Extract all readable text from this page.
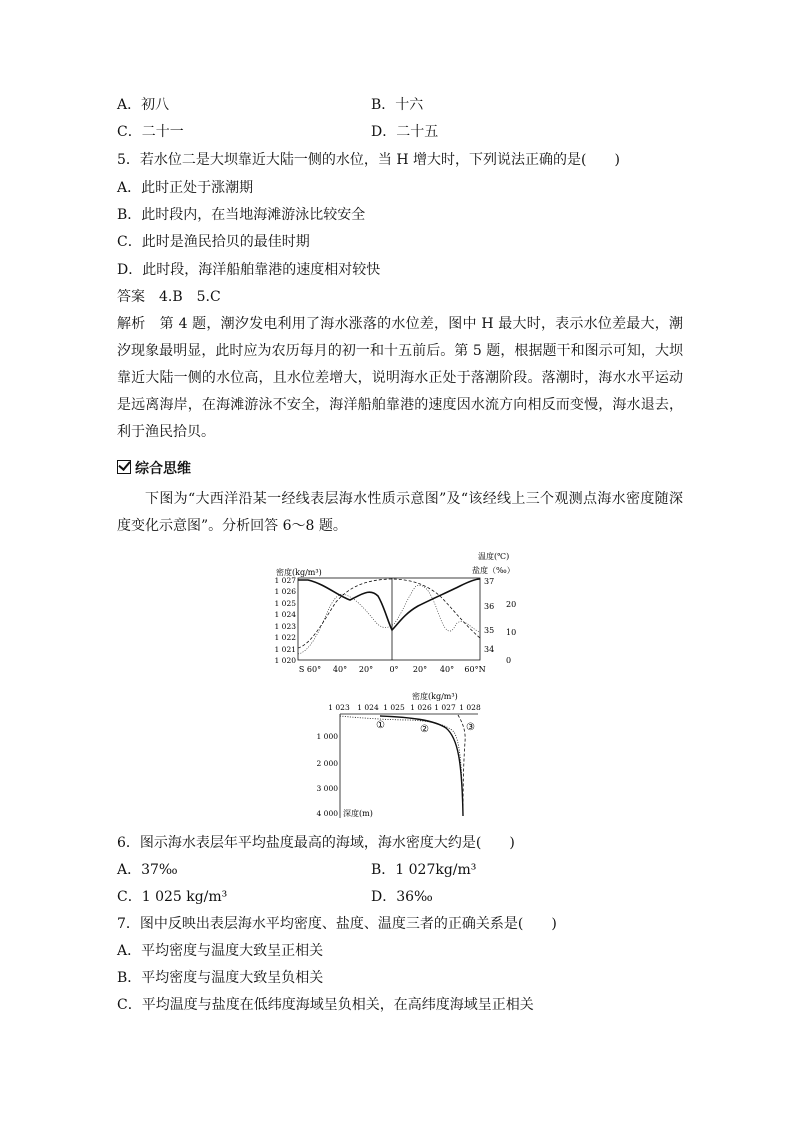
A．初八	B．十六
C．二十一	D．二十五
5．若水位二是大坝靠近大陆一侧的水位，当 H 增大时，下列说法正确的是(　　)
A．此时正处于涨潮期
B．此时段内，在当地海滩游泳比较安全
C．此时是渔民拾贝的最佳时期
D．此时段，海洋船舶靠港的速度相对较快
答案　4.B　5.C
解析　第 4 题，潮汐发电利用了海水涨落的水位差，图中 H 最大时，表示水位差最大，潮汐现象最明显，此时应为农历每月的初一和十五前后。第 5 题，根据题干和图示可知，大坝靠近大陆一侧的水位高，且水位差增大，说明海水正处于落潮阶段。落潮时，海水水平运动是远离海岸，在海滩游泳不安全，海洋船舶靠港的速度因水流方向相反而变慢，海水退去，利于渔民拾贝。
综合思维
下图为“大西洋沿某一经线表层海水性质示意图”及“该经线上三个观测点海水密度随深度变化示意图”。分析回答 6～8 题。
密度(kg/m³)
温度(℃)
盐度（‰）
1 027
1 026
1 025
1 024
1 023
1 022
1 021
1 020
37
36
35
34
20
10
0
S 60° 40° 20° 0° 20° 40° 60°N
密度(kg/m³)
1 023 1 024 1 025 1 026 1 027 1 028
1 000
2 000
3 000
4 000 深度(m)
①	②	③
6．图示海水表层年平均盐度最高的海域，海水密度大约是(　　)
A．37‰	B．1 027kg/m³
C．1 025 kg/m³	D．36‰
7．图中反映出表层海水平均密度、盐度、温度三者的正确关系是(　　)
A．平均密度与温度大致呈正相关
B．平均密度与温度大致呈负相关
C．平均温度与盐度在低纬度海域呈负相关，在高纬度海域呈正相关
